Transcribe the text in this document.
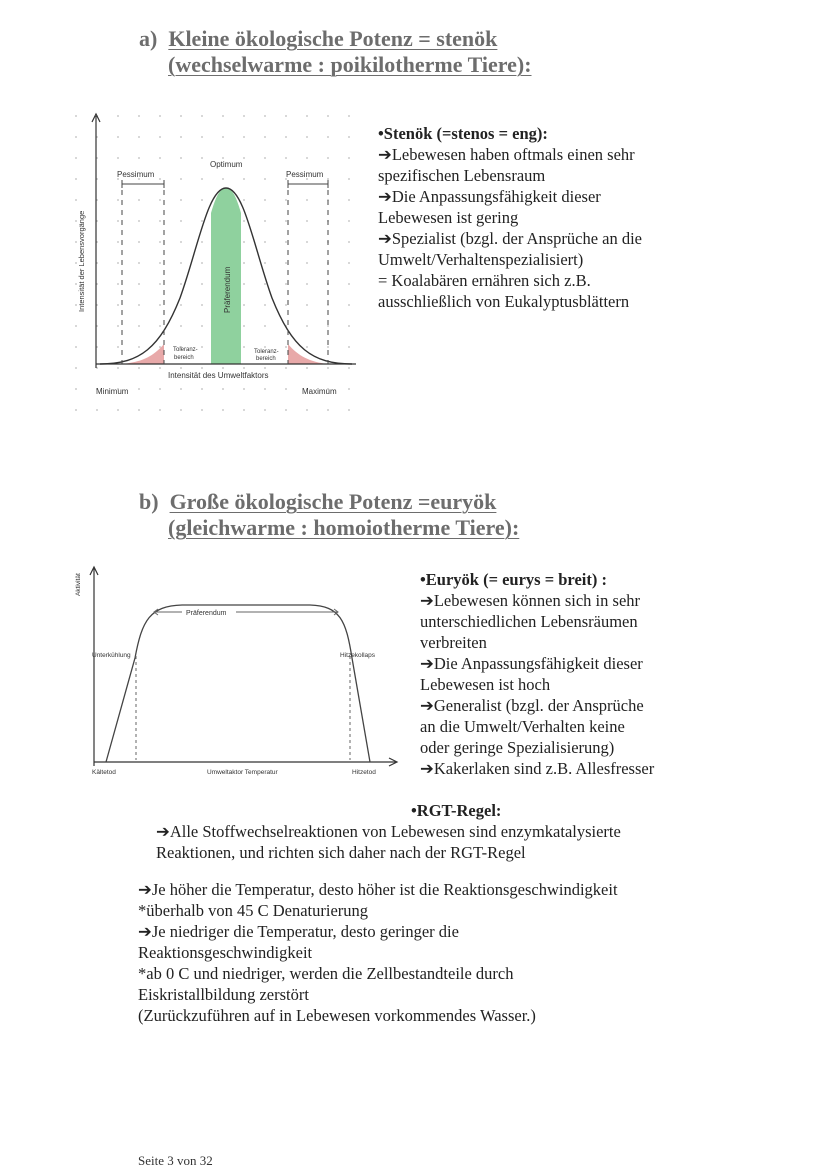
a) Kleine ökologische Potenz = stenök
(wechselwarme : poikilotherme Tiere):
Pessimum	Pessimum
Optimum
Präferendum
Toleranz-
bereich
Toleranz-
bereich
Intensität des Umweltfaktors
Minimum	Maximum
Intensität der Lebensvorgänge
•Stenök (=stenos = eng):
➔Lebewesen haben oftmals einen sehr
spezifischen Lebensraum
➔Die Anpassungsfähigkeit dieser
Lebewesen ist gering
➔Spezialist (bzgl. der Ansprüche an die
Umwelt/Verhaltenspezialisiert)
= Koalabären ernähren sich z.B.
ausschließlich von Eukalyptusblättern
b) Große ökologische Potenz =euryök
(gleichwarme : homoiotherme Tiere):
Präferendum
Unterkühlung	Hitzekollaps
Kältetod	Umweltaktor Temperatur	Hitzetod
Aktivität	•Euryök (= eurys = breit) :
➔Lebewesen können sich in sehr
unterschiedlichen Lebensräumen
verbreiten
➔Die Anpassungsfähigkeit dieser
Lebewesen ist hoch
➔Generalist (bzgl. der Ansprüche
an die Umwelt/Verhalten keine
oder geringe Spezialisierung)
➔Kakerlaken sind z.B. Allesfresser
•RGT-Regel:
➔Alle Stoffwechselreaktionen von Lebewesen sind enzymkatalysierte
Reaktionen, und richten sich daher nach der RGT-Regel
➔Je höher die Temperatur, desto höher ist die Reaktionsgeschwindigkeit
*überhalb von 45 C Denaturierung
➔Je niedriger die Temperatur, desto geringer die
Reaktionsgeschwindigkeit
*ab 0 C und niedriger, werden die Zellbestandteile durch
Eiskristallbildung zerstört
(Zurückzuführen auf in Lebewesen vorkommendes Wasser.)
Seite 3 von 32
